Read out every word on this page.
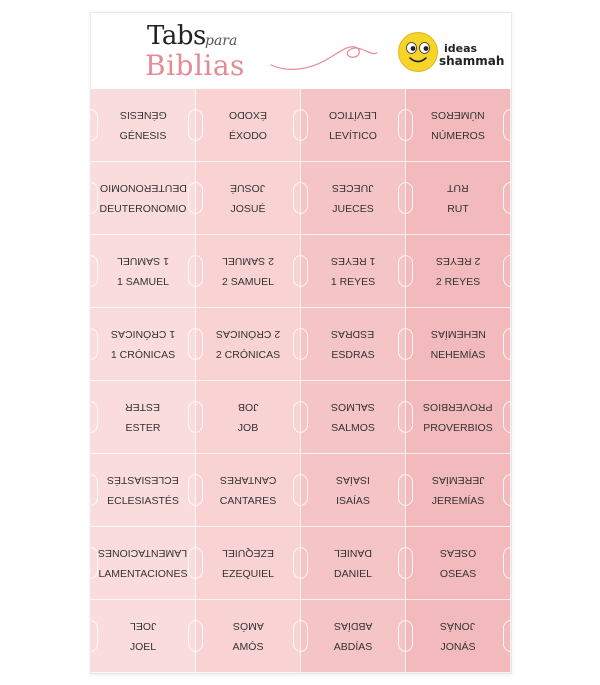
Tabs para
Biblias
ideas
shammah
GÉNESIS
GÉNESIS
ÉXODO
ÉXODO
LEVÍTICO
LEVÍTICO
NÚMEROS
NÚMEROS
DEUTERONOMIO
DEUTERONOMIO
JOSUÉ
JOSUÉ
JUECES
JUECES
RUT
RUT
1 SAMUEL
1 SAMUEL
2 SAMUEL
2 SAMUEL
1 REYES
1 REYES
2 REYES
2 REYES
1 CRÓNICAS
1 CRÓNICAS
2 CRÓNICAS
2 CRÓNICAS
ESDRAS
ESDRAS
NEHEMÍAS
NEHEMÍAS
ESTER
ESTER
JOB
JOB
SALMOS
SALMOS
PROVERBIOS
PROVERBIOS
ECLESIASTÉS
ECLESIASTÉS
CANTARES
CANTARES
ISAÍAS
ISAÍAS
JEREMÍAS
JEREMÍAS
LAMENTACIONES
LAMENTACIONES
EZEQUIEL
EZEQUIEL
DANIEL
DANIEL
OSEAS
OSEAS
JOEL
JOEL
AMÓS
AMÓS
ABDÍAS
ABDÍAS
JONÁS
JONÁS
